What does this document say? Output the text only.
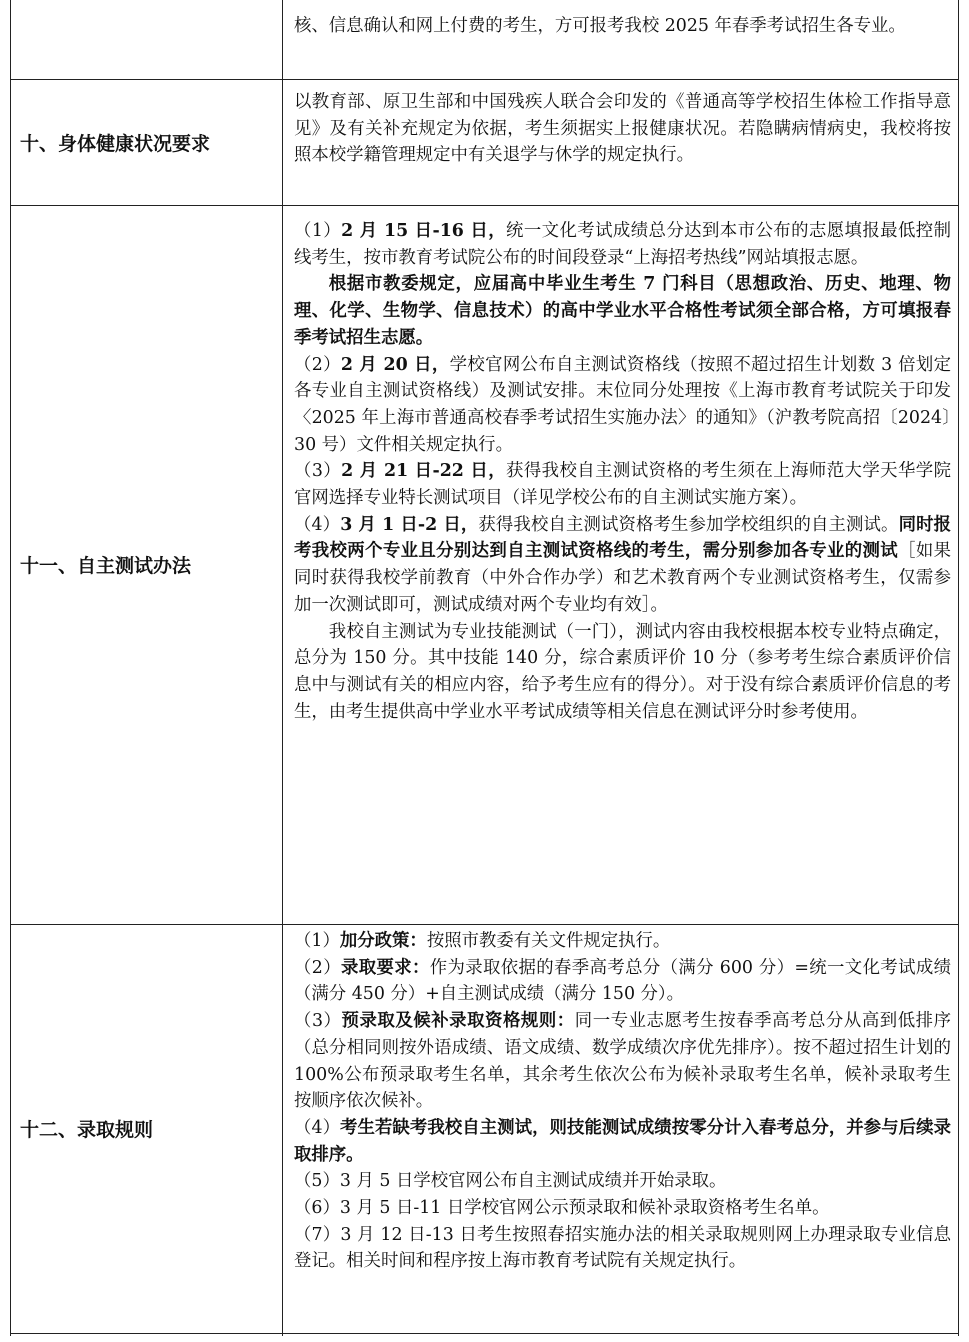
核、信息确认和网上付费的考生，方可报考我校 2025 年春季考试招生各专业。

十、身体健康状况要求

以教育部、原卫生部和中国残疾人联合会印发的《普通高等学校招生体检工作指导意见》及有关补充规定为依据，考生须据实上报健康状况。若隐瞒病情病史，我校将按照本校学籍管理规定中有关退学与休学的规定执行。

十一、自主测试办法

（1）2 月 15 日-16 日，统一文化考试成绩总分达到本市公布的志愿填报最低控制线考生，按市教育考试院公布的时间段登录“上海招考热线”网站填报志愿。

根据市教委规定，应届高中毕业生考生 7 门科目（思想政治、历史、地理、物理、化学、生物学、信息技术）的高中学业水平合格性考试须全部合格，方可填报春季考试招生志愿。

（2）2 月 20 日，学校官网公布自主测试资格线（按照不超过招生计划数 3 倍划定各专业自主测试资格线）及测试安排。末位同分处理按《上海市教育考试院关于印发〈2025 年上海市普通高校春季考试招生实施办法〉的通知》（沪教考院高招〔2024〕30 号）文件相关规定执行。

（3）2 月 21 日-22 日，获得我校自主测试资格的考生须在上海师范大学天华学院官网选择专业特长测试项目（详见学校公布的自主测试实施方案）。

（4）3 月 1 日-2 日，获得我校自主测试资格考生参加学校组织的自主测试。同时报考我校两个专业且分别达到自主测试资格线的考生，需分别参加各专业的测试［如果同时获得我校学前教育（中外合作办学）和艺术教育两个专业测试资格考生，仅需参加一次测试即可，测试成绩对两个专业均有效］。

我校自主测试为专业技能测试（一门），测试内容由我校根据本校专业特点确定，总分为 150 分。其中技能 140 分，综合素质评价 10 分（参考考生综合素质评价信息中与测试有关的相应内容，给予考生应有的得分）。对于没有综合素质评价信息的考生，由考生提供高中学业水平考试成绩等相关信息在测试评分时参考使用。

十二、录取规则

（1）加分政策：按照市教委有关文件规定执行。

（2）录取要求：作为录取依据的春季高考总分（满分 600 分）=统一文化考试成绩（满分 450 分）+自主测试成绩（满分 150 分）。

（3）预录取及候补录取资格规则：同一专业志愿考生按春季高考总分从高到低排序（总分相同则按外语成绩、语文成绩、数学成绩次序优先排序）。按不超过招生计划的 100%公布预录取考生名单，其余考生依次公布为候补录取考生名单，候补录取考生按顺序依次候补。

（4）考生若缺考我校自主测试，则技能测试成绩按零分计入春考总分，并参与后续录取排序。

（5）3 月 5 日学校官网公布自主测试成绩并开始录取。

（6）3 月 5 日-11 日学校官网公示预录取和候补录取资格考生名单。

（7）3 月 12 日-13 日考生按照春招实施办法的相关录取规则网上办理录取专业信息登记。相关时间和程序按上海市教育考试院有关规定执行。
